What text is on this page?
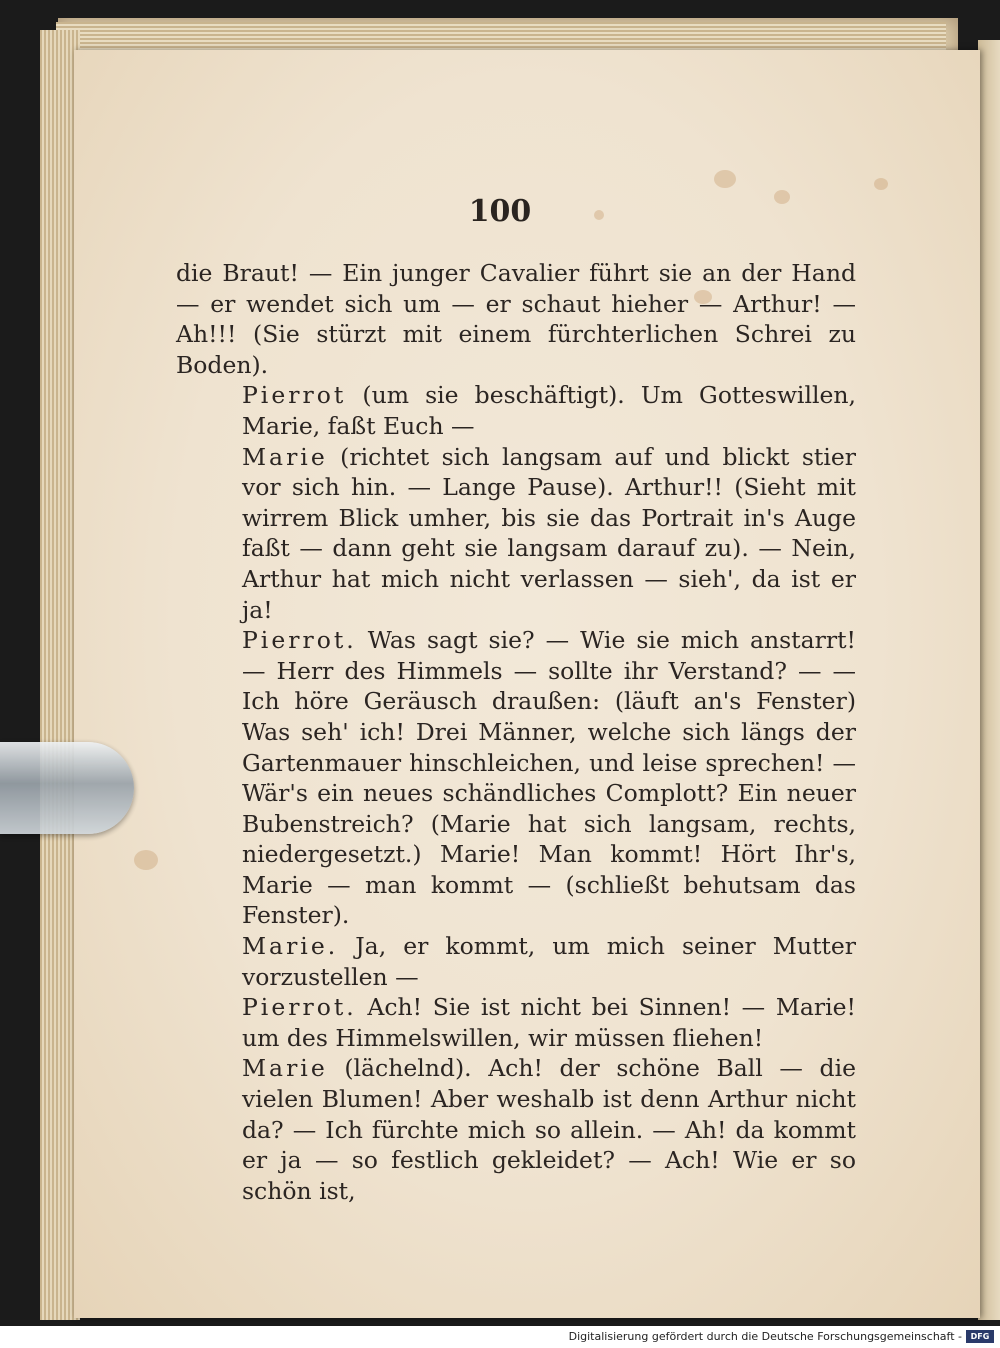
100

die Braut! — Ein junger Cavalier führt sie an der Hand — er wendet sich um — er schaut hieher — Arthur! — Ah!!! (Sie stürzt mit einem fürchterlichen Schrei zu Boden).

Pierrot (um sie beschäftigt). Um Gotteswillen, Marie, faßt Euch —

Marie (richtet sich langsam auf und blickt stier vor sich hin. — Lange Pause). Arthur!! (Sieht mit wirrem Blick umher, bis sie das Portrait in's Auge faßt — dann geht sie langsam darauf zu). — Nein, Arthur hat mich nicht verlassen — sieh', da ist er ja!

Pierrot. Was sagt sie? — Wie sie mich anstarrt! — Herr des Himmels — sollte ihr Verstand? — — Ich höre Geräusch draußen: (läuft an's Fenster) Was seh' ich! Drei Männer, welche sich längs der Gartenmauer hinschleichen, und leise sprechen! — Wär's ein neues schändliches Complott? Ein neuer Bubenstreich? (Marie hat sich langsam, rechts, niedergesetzt.) Marie! Man kommt! Hört Ihr's, Marie — man kommt — (schließt behutsam das Fenster).

Marie. Ja, er kommt, um mich seiner Mutter vorzustellen —

Pierrot. Ach! Sie ist nicht bei Sinnen! — Marie! um des Himmelswillen, wir müssen fliehen!

Marie (lächelnd). Ach! der schöne Ball — die vielen Blumen! Aber weshalb ist denn Arthur nicht da? — Ich fürchte mich so allein. — Ah! da kommt er ja — so festlich gekleidet? — Ach! Wie er so schön ist,

Digitalisierung gefördert durch die Deutsche Forschungsgemeinschaft -	DFG
